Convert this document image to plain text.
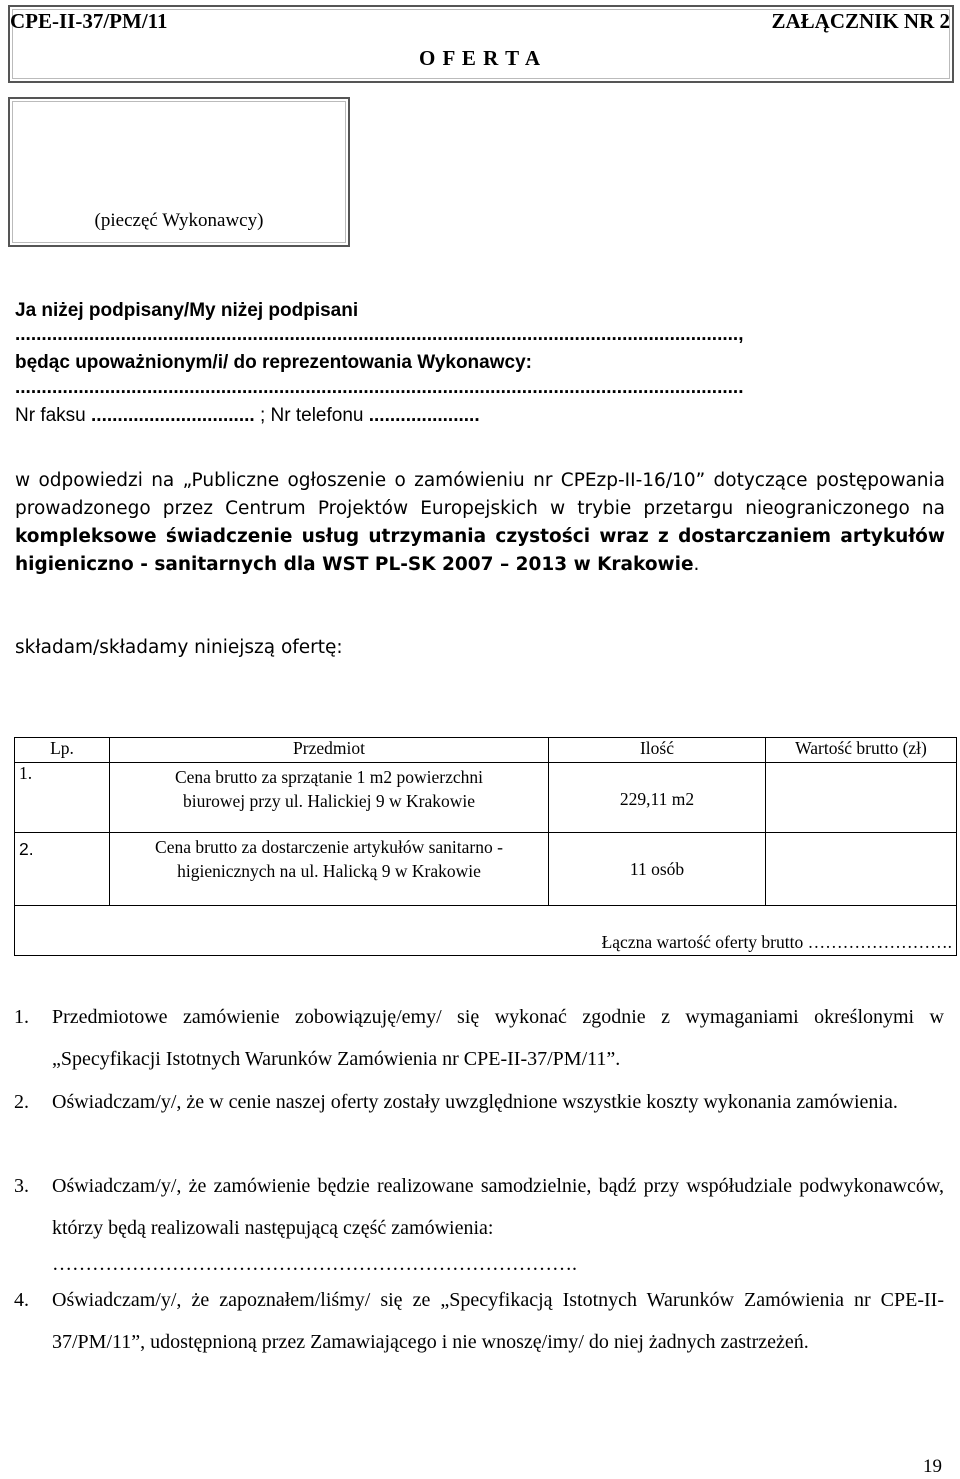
CPE-II-37/PM/11	ZAŁĄCZNIK NR 2
O F E R T A
(pieczęć Wykonawcy)
Ja niżej podpisany/My niżej podpisani
.........................................................................................................................................,
będąc upoważnionym/i/ do reprezentowania Wykonawcy:
..........................................................................................................................................
Nr faksu ............................... ; Nr telefonu .....................
w odpowiedzi na „Publiczne ogłoszenie o zamówieniu nr CPEzp-II-16/10” dotyczące postępowania prowadzonego przez Centrum Projektów Europejskich w trybie przetargu nieograniczonego na kompleksowe świadczenie usług utrzymania czystości wraz z dostarczaniem artykułów higieniczno - sanitarnych dla WST PL-SK 2007 – 2013 w Krakowie.
składam/składamy niniejszą ofertę:
Lp.	Przedmiot	Ilość	Wartość brutto (zł)
1.	Cena brutto za sprzątanie 1 m2 powierzchni
biurowej przy ul. Halickiej 9 w Krakowie	229,11 m2	
2.	Cena brutto za dostarczenie artykułów sanitarno -
higienicznych na ul. Halicką 9 w Krakowie	11 osób	
Łączna wartość oferty brutto …………………….			
1.	Przedmiotowe zamówienie zobowiązuję/emy/ się wykonać zgodnie z wymaganiami określonymi w „Specyfikacji Istotnych Warunków Zamówienia nr CPE-II-37/PM/11”.
2.	Oświadczam/y/, że w cenie naszej oferty zostały uwzględnione wszystkie koszty wykonania zamówienia.
3.	Oświadczam/y/, że zamówienie będzie realizowane samodzielnie, bądź przy współudziale podwykonawców, którzy będą realizowali następującą część zamówienia:
…………………………………………………………………….
4.	Oświadczam/y/, że zapoznałem/liśmy/ się ze „Specyfikacją Istotnych Warunków Zamówienia nr CPE-II-37/PM/11”, udostępnioną przez Zamawiającego i nie wnoszę/imy/ do niej żadnych zastrzeżeń.
19
